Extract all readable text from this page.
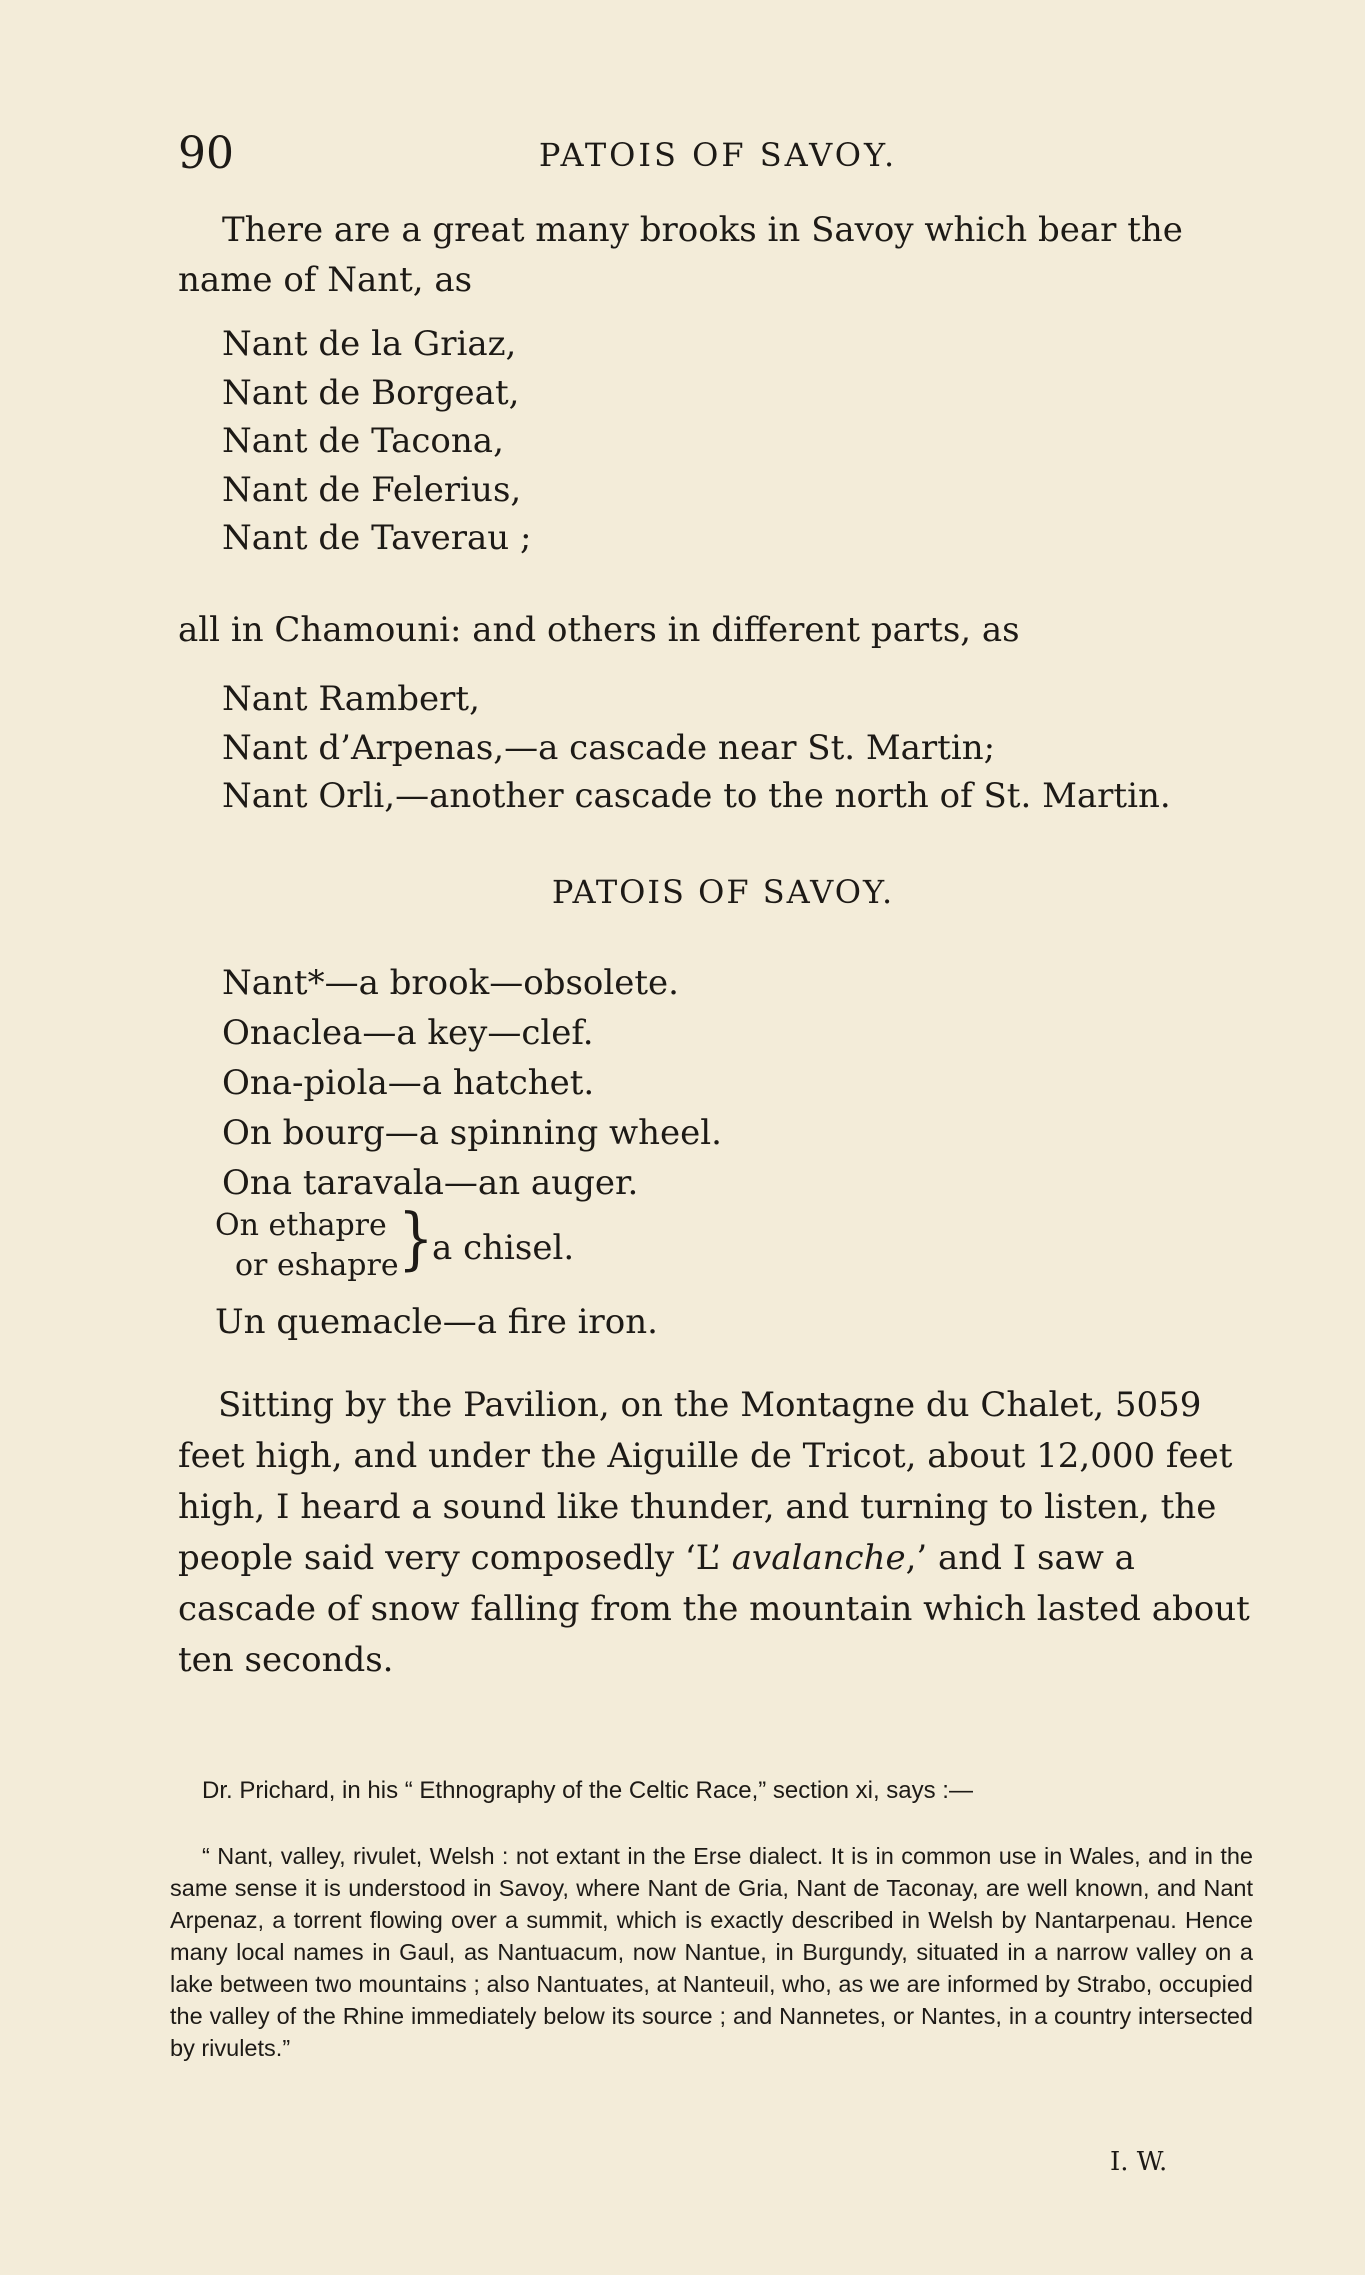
90	PATOIS OF SAVOY.
There are a great many brooks in Savoy which bear the name of Nant, as
Nant de la Griaz,
Nant de Borgeat,
Nant de Tacona,
Nant de Felerius,
Nant de Taverau ;
all in Chamouni: and others in different parts, as
Nant Rambert,
Nant d’Arpenas,—a cascade near St. Martin;
Nant Orli,—another cascade to the north of St. Martin.
PATOIS OF SAVOY.
Nant*—a brook—obsolete.
Onaclea—a key—clef.
Ona-piola—a hatchet.
On bourg—a spinning wheel.
Ona taravala—an auger.
On ethapre
or eshapre }
a chisel.
Un quemacle—a fire iron.
Sitting by the Pavilion, on the Montagne du Chalet, 5059 feet high, and under the Aiguille de Tricot, about 12,000 feet high, I heard a sound like thunder, and turning to listen, the people said very composedly ‘L’ avalanche,’ and I saw a cascade of snow falling from the mountain which lasted about ten seconds.
Dr. Prichard, in his “ Ethnography of the Celtic Race,” section xi, says :—
“ Nant, valley, rivulet, Welsh : not extant in the Erse dialect. It is in common use in Wales, and in the same sense it is understood in Savoy, where Nant de Gria, Nant de Taconay, are well known, and Nant Arpenaz, a torrent flowing over a summit, which is exactly described in Welsh by Nantarpenau. Hence many local names in Gaul, as Nantuacum, now Nantue, in Burgundy, situated in a narrow valley on a lake between two mountains ; also Nantuates, at Nanteuil, who, as we are informed by Strabo, occupied the valley of the Rhine immediately below its source ; and Nannetes, or Nantes, in a country intersected by rivulets.”
I. W.
